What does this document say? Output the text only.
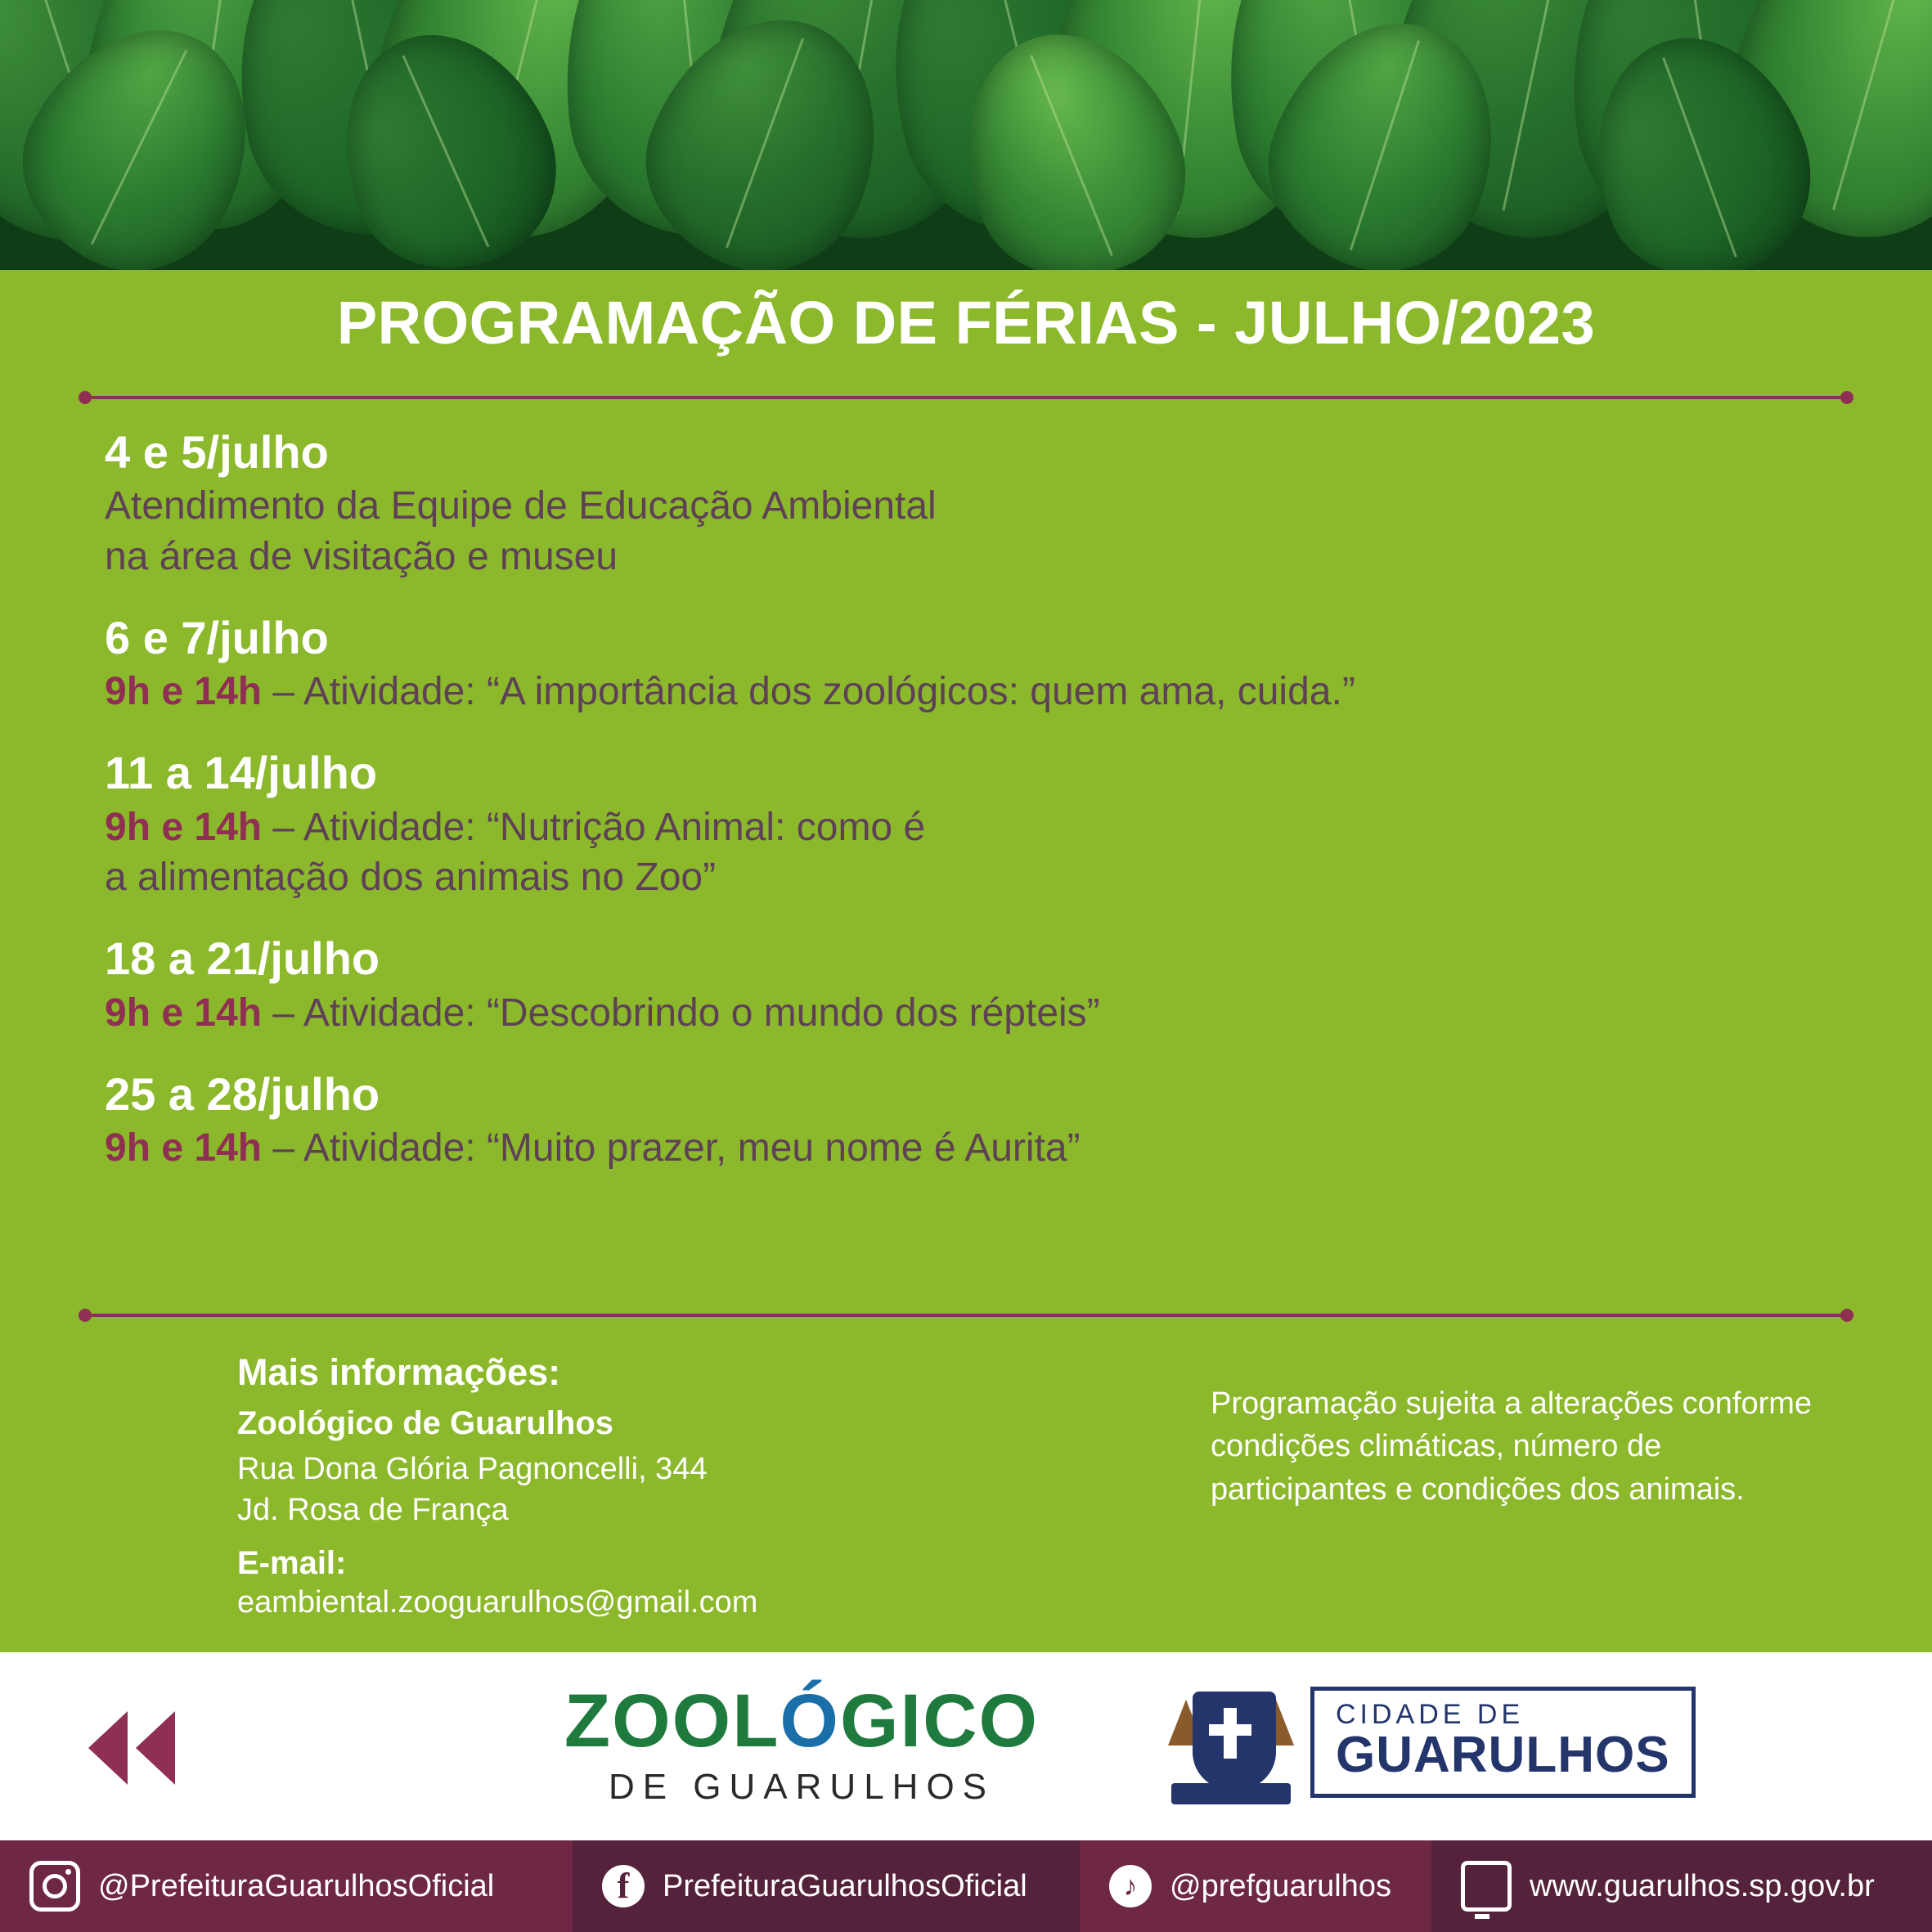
PROGRAMAÇÃO DE FÉRIAS - JULHO/2023
4 e 5/julho
Atendimento da Equipe de Educação Ambiental
na área de visitação e museu
6 e 7/julho
9h e 14h – Atividade: “A importância dos zoológicos: quem ama, cuida.”
11 a 14/julho
9h e 14h – Atividade: “Nutrição Animal: como é
a alimentação dos animais no Zoo”
18 a 21/julho
9h e 14h – Atividade: “Descobrindo o mundo dos répteis”
25 a 28/julho
9h e 14h – Atividade: “Muito prazer, meu nome é Aurita”
Mais informações:
Zoológico de Guarulhos
Rua Dona Glória Pagnoncelli, 344
Jd. Rosa de França
E-mail:
eambiental.zooguarulhos@gmail.com
Programação sujeita a alterações conforme condições climáticas, número de participantes e condições dos animais.
ZOOLÓGICO
DE GUARULHOS
CIDADE DE
GUARULHOS
@PrefeituraGuarulhosOficial	f	PrefeituraGuarulhosOficial	♪	@prefguarulhos	www.guarulhos.sp.gov.br
